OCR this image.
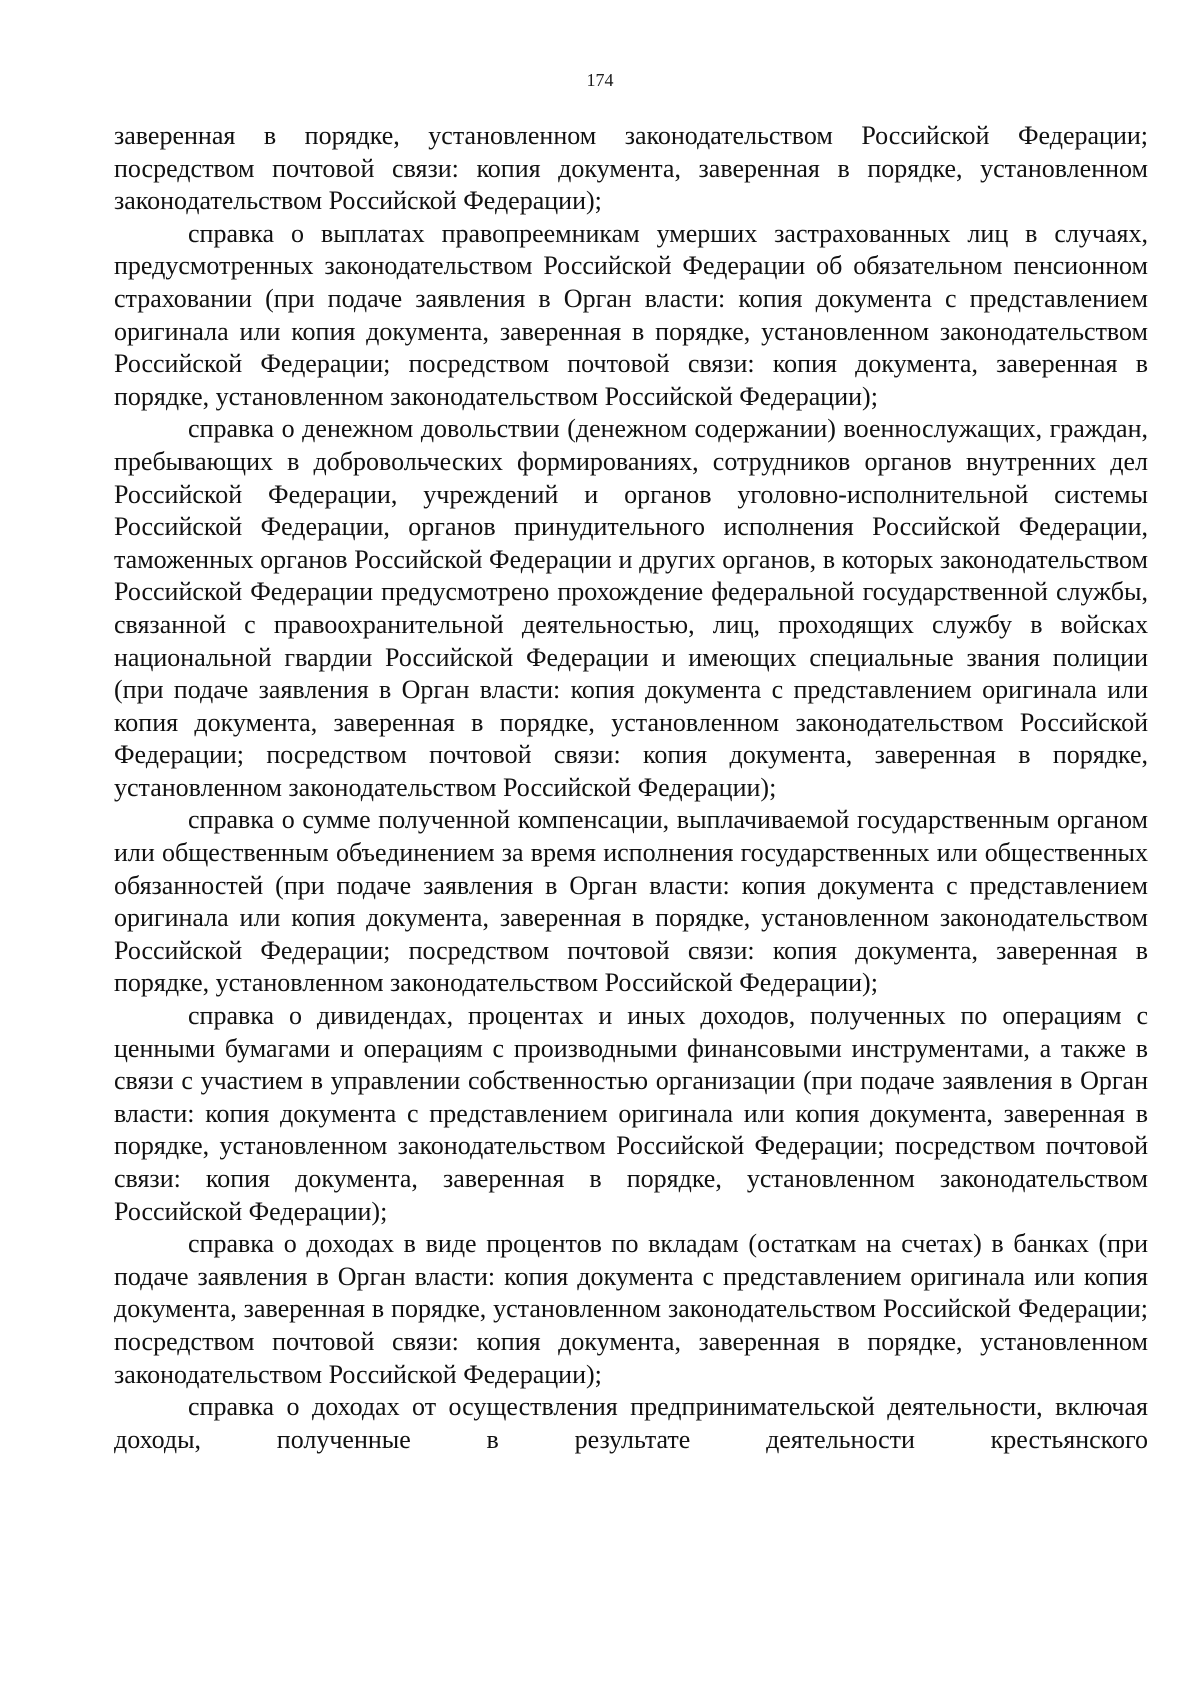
174

заверенная в порядке, установленном законодательством Российской Федерации; посредством почтовой связи: копия документа, заверенная в порядке, установленном законодательством Российской Федерации);

справка о выплатах правопреемникам умерших застрахованных лиц в случаях, предусмотренных законодательством Российской Федерации об обязательном пенсионном страховании (при подаче заявления в Орган власти: копия документа с представлением оригинала или копия документа, заверенная в порядке, установленном законодательством Российской Федерации; посредством почтовой связи: копия документа, заверенная в порядке, установленном законодательством Российской Федерации);

справка о денежном довольствии (денежном содержании) военнослужащих, граждан, пребывающих в добровольческих формированиях, сотрудников органов внутренних дел Российской Федерации, учреждений и органов уголовно-исполнительной системы Российской Федерации, органов принудительного исполнения Российской Федерации, таможенных органов Российской Федерации и других органов, в которых законодательством Российской Федерации предусмотрено прохождение федеральной государственной службы, связанной с правоохранительной деятельностью, лиц, проходящих службу в войсках национальной гвардии Российской Федерации и имеющих специальные звания полиции (при подаче заявления в Орган власти: копия документа с представлением оригинала или копия документа, заверенная в порядке, установленном законодательством Российской Федерации; посредством почтовой связи: копия документа, заверенная в порядке, установленном законодательством Российской Федерации);

справка о сумме полученной компенсации, выплачиваемой государственным органом или общественным объединением за время исполнения государственных или общественных обязанностей (при подаче заявления в Орган власти: копия документа с представлением оригинала или копия документа, заверенная в порядке, установленном законодательством Российской Федерации; посредством почтовой связи: копия документа, заверенная в порядке, установленном законодательством Российской Федерации);

справка о дивидендах, процентах и иных доходов, полученных по операциям с ценными бумагами и операциям с производными финансовыми инструментами, а также в связи с участием в управлении собственностью организации (при подаче заявления в Орган власти: копия документа с представлением оригинала или копия документа, заверенная в порядке, установленном законодательством Российской Федерации; посредством почтовой связи: копия документа, заверенная в порядке, установленном законодательством Российской Федерации);

справка о доходах в виде процентов по вкладам (остаткам на счетах) в банках (при подаче заявления в Орган власти: копия документа с представлением оригинала или копия документа, заверенная в порядке, установленном законодательством Российской Федерации; посредством почтовой связи: копия документа, заверенная в порядке, установленном законодательством Российской Федерации);

справка о доходах от осуществления предпринимательской деятельности, включая доходы, полученные в результате деятельности крестьянского
